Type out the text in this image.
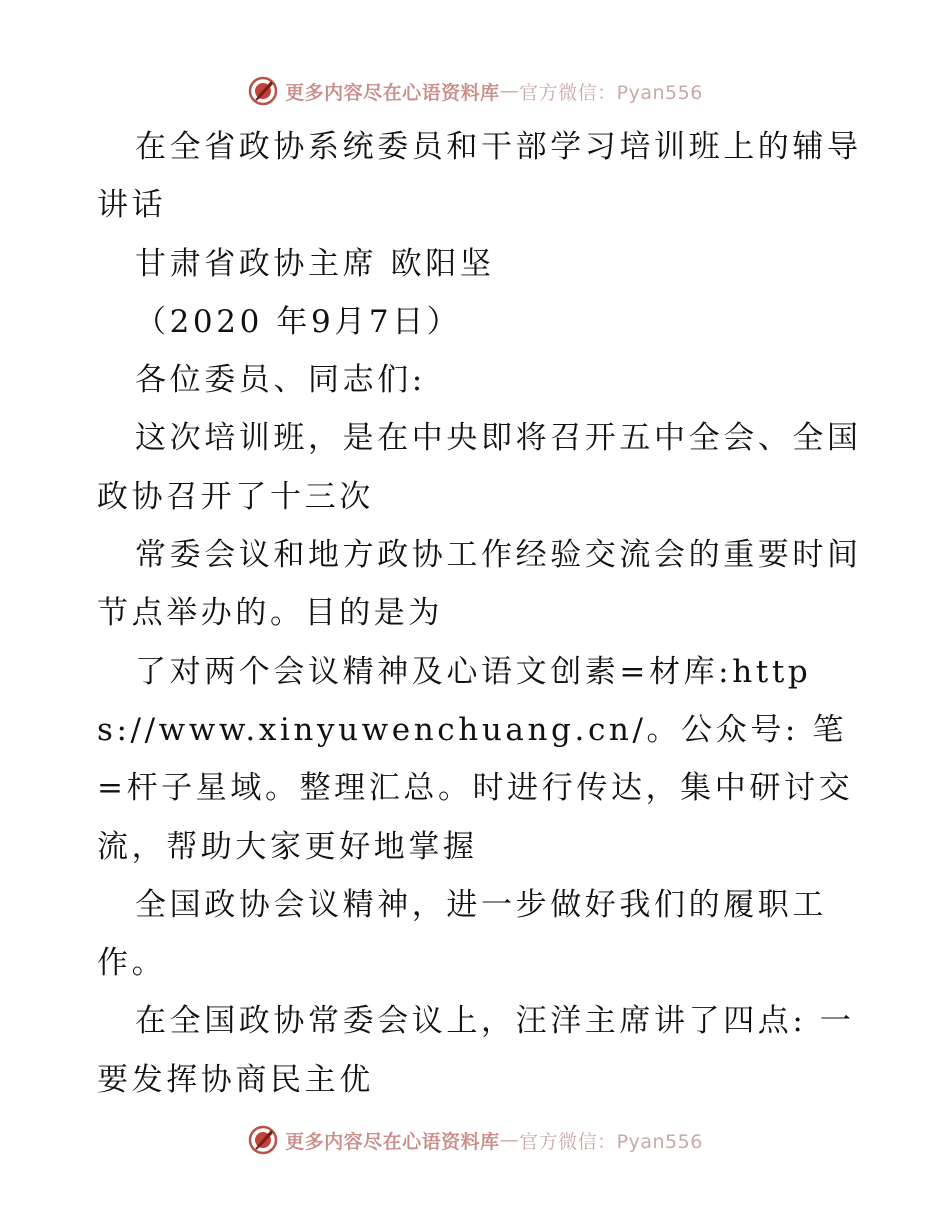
更多内容尽在心语资料库 — 官方微信：Pyan556

在全省政协系统委员和干部学习培训班上的辅导讲话

甘肃省政协主席 欧阳坚

（2020 年9月7日）

各位委员、同志们:

这次培训班，是在中央即将召开五中全会、全国政协召开了十三次

常委会议和地方政协工作经验交流会的重要时间节点举办的。目的是为

了对两个会议精神及心语文创素=材库:https://www.xinyuwenchuang.cn/。公众号: 笔=杆子星域。整理汇总。时进行传达，集中研讨交流，帮助大家更好地掌握

全国政协会议精神，进一步做好我们的履职工作。

在全国政协常委会议上，汪洋主席讲了四点: 一要发挥协商民主优

更多内容尽在心语资料库 — 官方微信：Pyan556
